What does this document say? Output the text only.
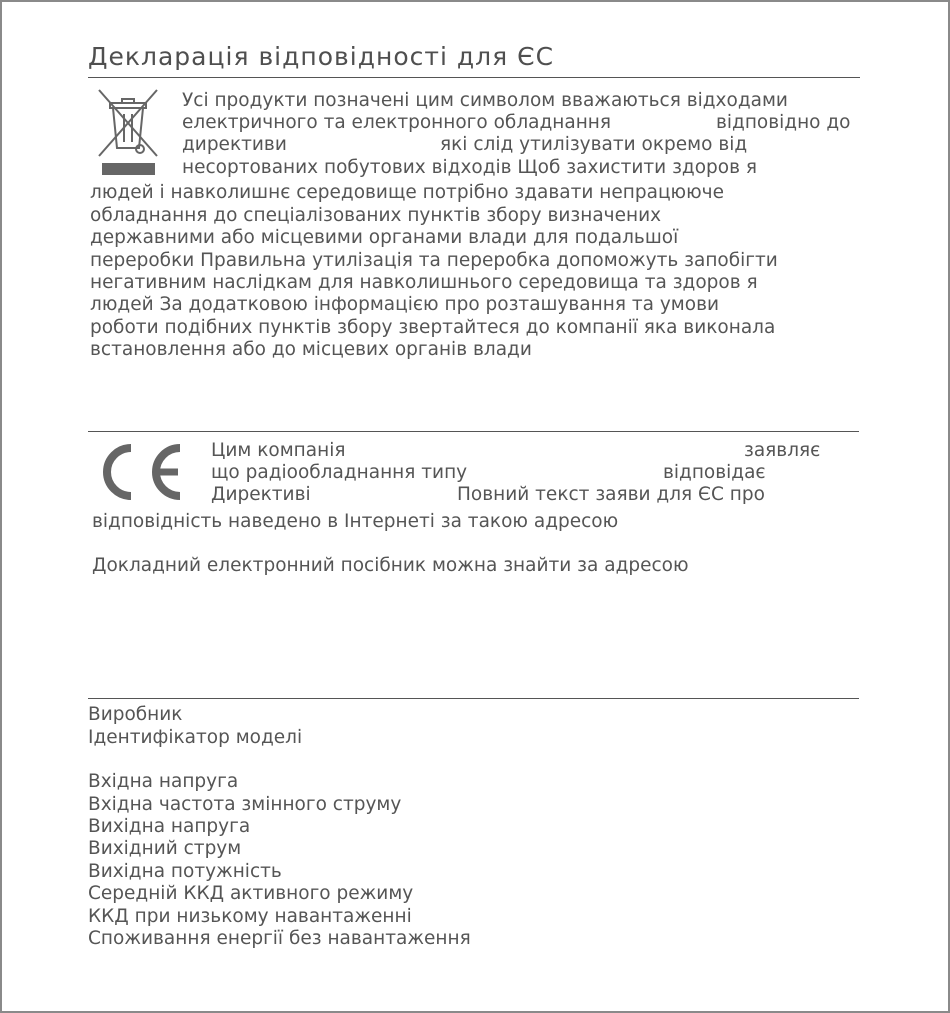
Декларація відповідності для ЄС
Усі продукти позначені цим символом вважаються відходами
електричного та електронного обладнання	відповідно до
директиви	які слід утилізувати окремо від
несортованих побутових відходів Щоб захистити здоров я
людей і навколишнє середовище потрібно здавати непрацююче
обладнання до спеціалізованих пунктів збору визначених
державними або місцевими органами влади для подальшої
переробки Правильна утилізація та переробка допоможуть запобігти
негативним наслідкам для навколишнього середовища та здоров я
людей За додатковою інформацією про розташування та умови
роботи подібних пунктів збору звертайтеся до компанії яка виконала
встановлення або до місцевих органів влади
Цим компанія	заявляє
що радіообладнання типу	відповідає
Директиві	Повний текст заяви для ЄС про
відповідність наведено в Інтернеті за такою адресою
Докладний електронний посібник можна знайти за адресою
Виробник
Ідентифікатор моделі
Вхідна напруга
Вхідна частота змінного струму
Вихідна напруга
Вихідний струм
Вихідна потужність
Середній ККД активного режиму
ККД при низькому навантаженні
Споживання енергії без навантаження
